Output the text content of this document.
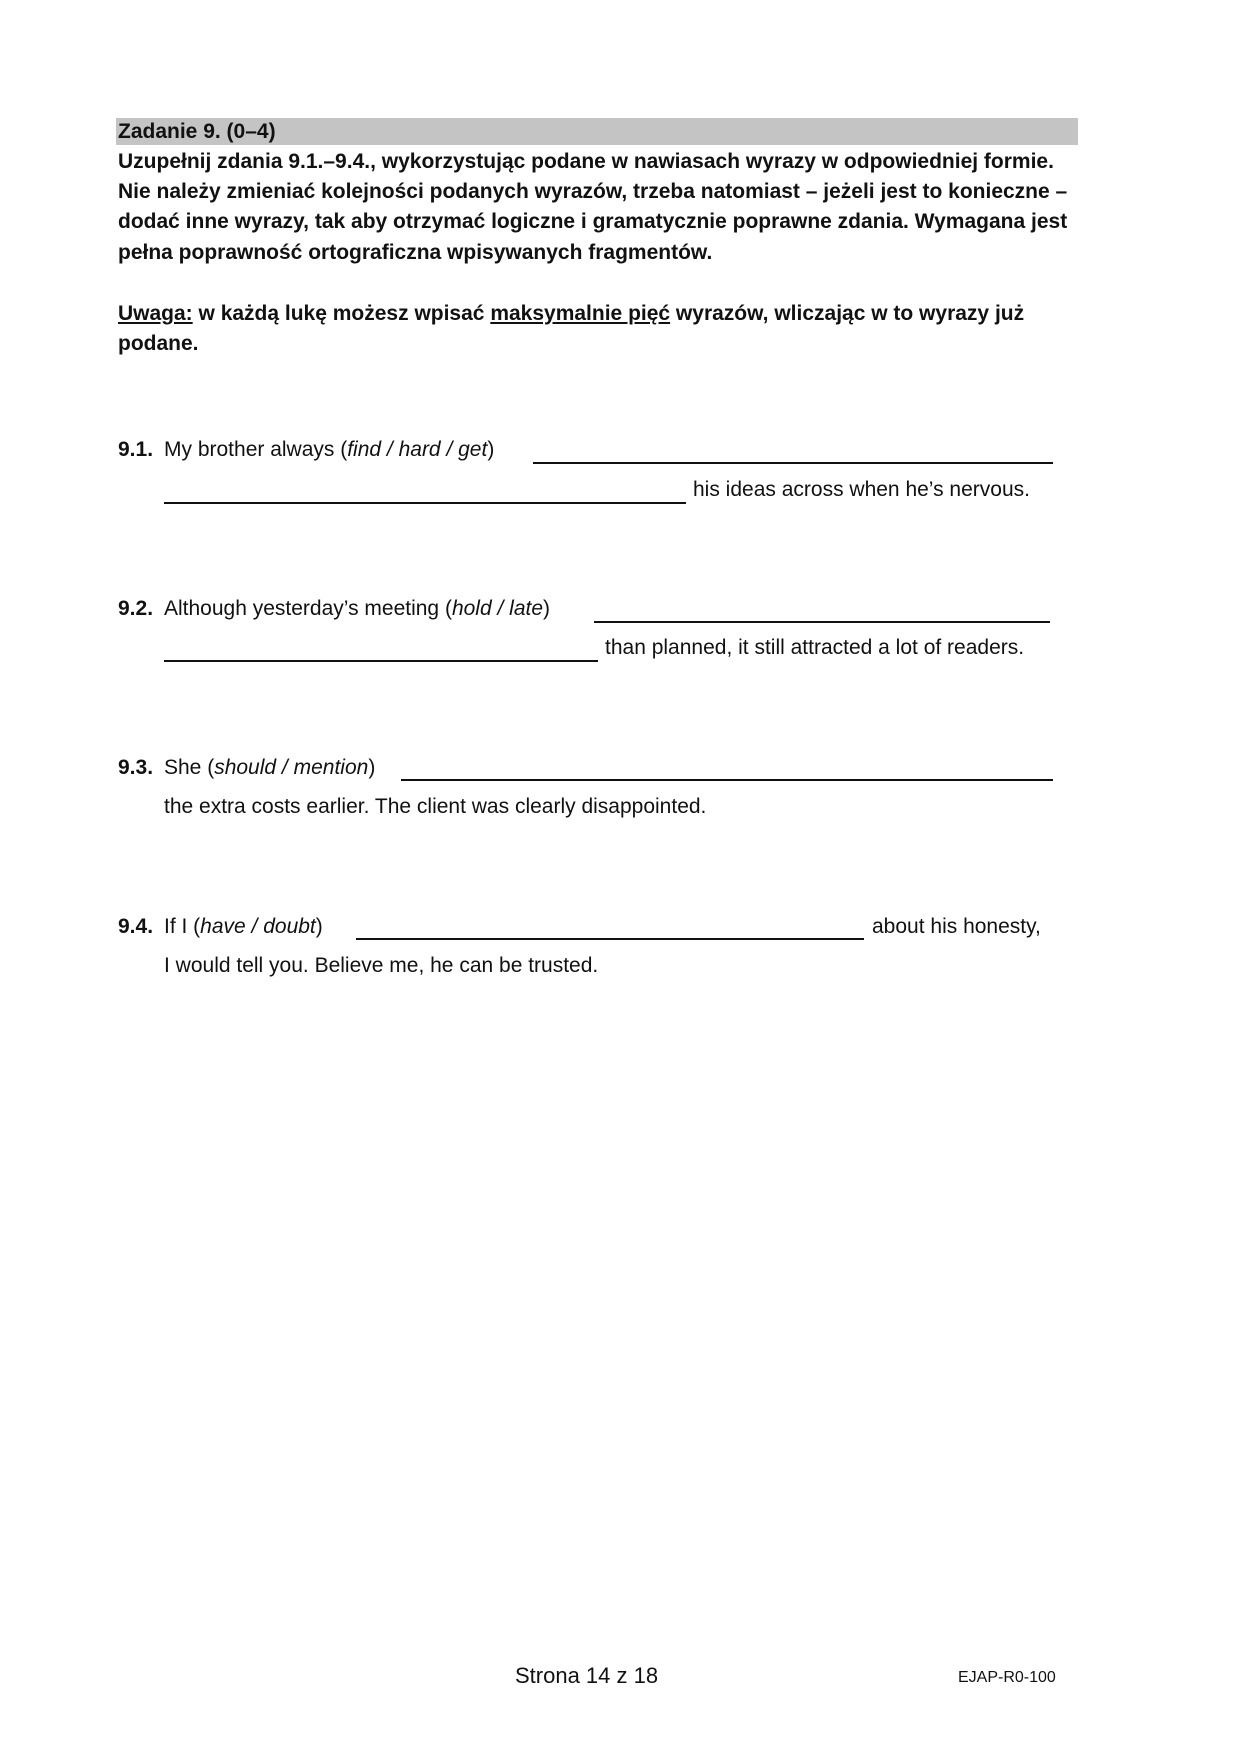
Zadanie 9. (0–4)

Uzupełnij zdania 9.1.–9.4., wykorzystując podane w nawiasach wyrazy w odpowiedniej formie. Nie należy zmieniać kolejności podanych wyrazów, trzeba natomiast – jeżeli jest to konieczne – dodać inne wyrazy, tak aby otrzymać logiczne i gramatycznie poprawne zdania. Wymagana jest pełna poprawność ortograficzna wpisywanych fragmentów.

Uwaga: w każdą lukę możesz wpisać maksymalnie pięć wyrazów, wliczając w to wyrazy już podane.

9.1. My brother always (find / hard / get)
his ideas across when he’s nervous.
9.2. Although yesterday’s meeting (hold / late)
than planned, it still attracted a lot of readers.
9.3. She (should / mention)
the extra costs earlier. The client was clearly disappointed.
9.4. If I (have / doubt)	about his honesty,
I would tell you. Believe me, he can be trusted.
Strona 14 z 18	EJAP-R0-100
